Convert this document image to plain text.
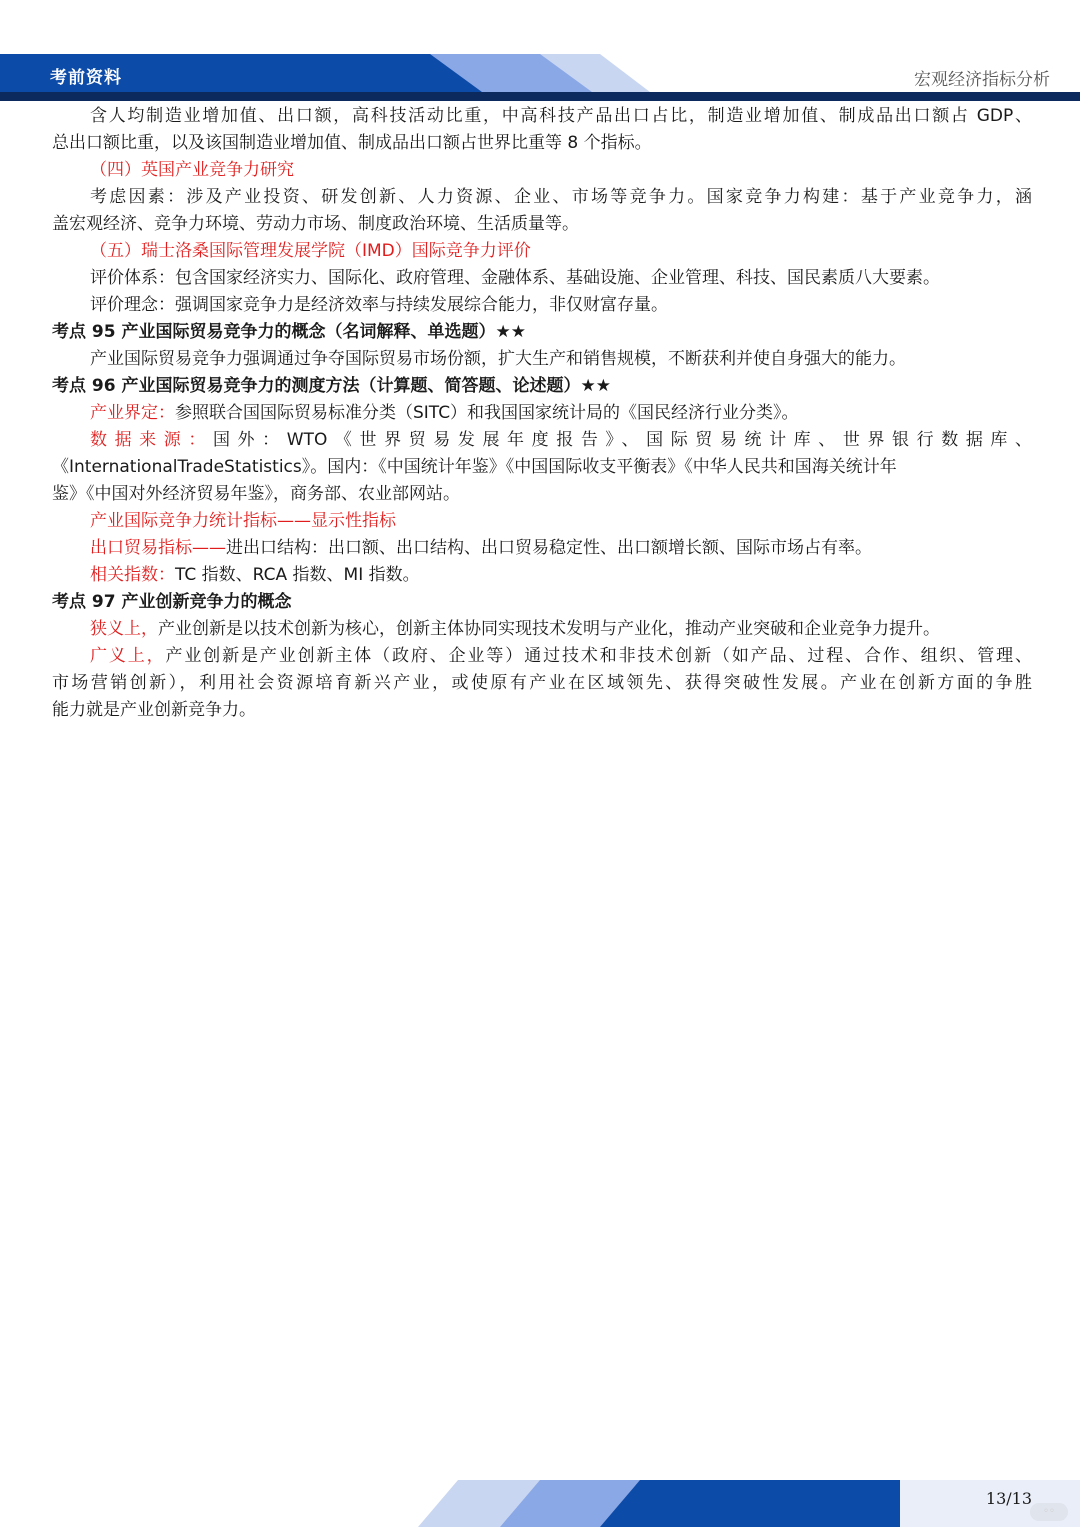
考前资料	宏观经济指标分析
含人均制造业增加值、出口额，高科技活动比重，中高科技产品出口占比，制造业增加值、制成品出口额占 GDP、
总出口额比重，以及该国制造业增加值、制成品出口额占世界比重等 8 个指标。
（四）英国产业竞争力研究
考虑因素：涉及产业投资、研发创新、人力资源、企业、市场等竞争力。国家竞争力构建：基于产业竞争力，涵
盖宏观经济、竞争力环境、劳动力市场、制度政治环境、生活质量等。
（五）瑞士洛桑国际管理发展学院（IMD）国际竞争力评价
评价体系：包含国家经济实力、国际化、政府管理、金融体系、基础设施、企业管理、科技、国民素质八大要素。
评价理念：强调国家竞争力是经济效率与持续发展综合能力，非仅财富存量。
考点 95 产业国际贸易竞争力的概念（名词解释、单选题）★★
产业国际贸易竞争力强调通过争夺国际贸易市场份额，扩大生产和销售规模，不断获利并使自身强大的能力。
考点 96 产业国际贸易竞争力的测度方法（计算题、简答题、论述题）★★
产业界定：参照联合国国际贸易标准分类（SITC）和我国国家统计局的《国民经济行业分类》。
数据来源：国外：WTO《世界贸易发展年度报告》、国际贸易统计库、世界银行数据库、
《InternationalTradeStatistics》。国内：《中国统计年鉴》《中国国际收支平衡表》《中华人民共和国海关统计年
鉴》《中国对外经济贸易年鉴》，商务部、农业部网站。
产业国际竞争力统计指标——显示性指标
出口贸易指标——进出口结构：出口额、出口结构、出口贸易稳定性、出口额增长额、国际市场占有率。
相关指数：TC 指数、RCA 指数、MI 指数。
考点 97 产业创新竞争力的概念
狭义上，产业创新是以技术创新为核心，创新主体协同实现技术发明与产业化，推动产业突破和企业竞争力提升。
广义上，产业创新是产业创新主体（政府、企业等）通过技术和非技术创新（如产品、过程、合作、组织、管理、
市场营销创新），利用社会资源培育新兴产业，或使原有产业在区域领先、获得突破性发展。产业在创新方面的争胜
能力就是产业创新竞争力。
13/13
◦◦
